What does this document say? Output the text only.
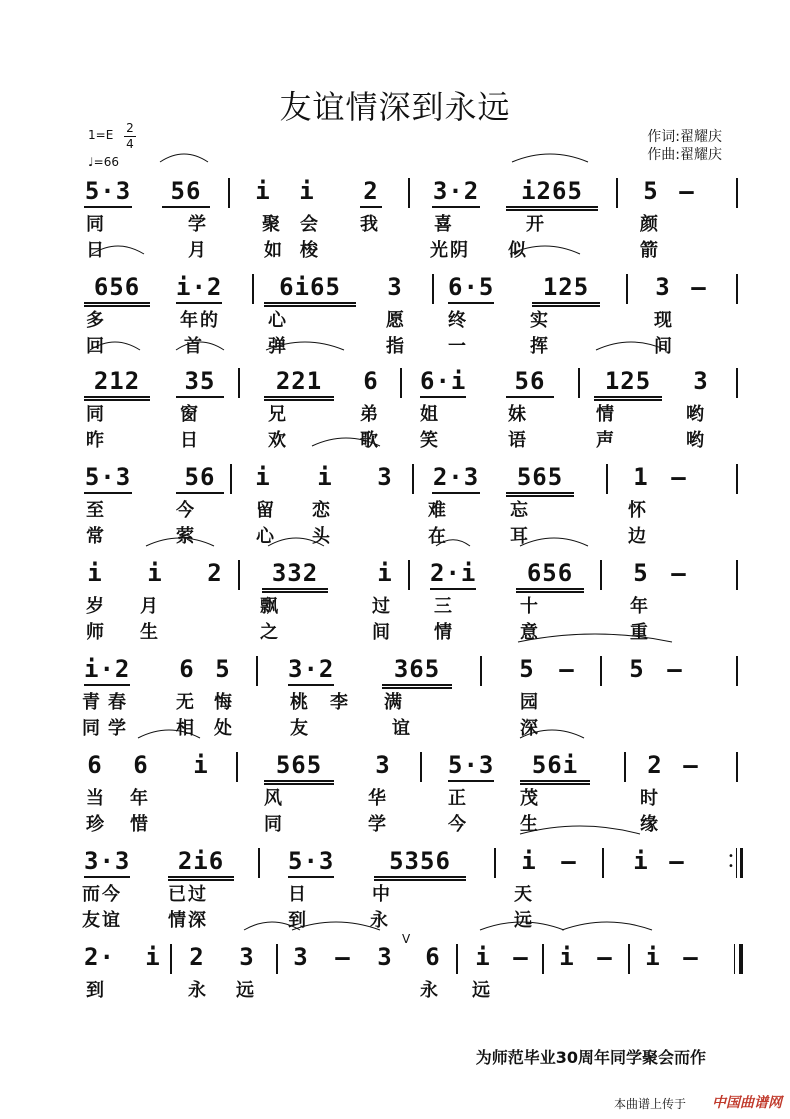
友谊情深到永远
1=E 2
4
♩=66
作词:翟耀庆
作曲:翟耀庆
5·3	56	i i 2 3·2	i265	5 –
同	学	聚 会 我	喜	开	颜
日	月	如 梭	光阴 似	箭
656	i·2	6i65	3 6·5	125	3 –
多	年的	心	愿 终	实	现
回	首	弹	指 一	挥	间
212	35	221	6 6·i	56	125	3
同	窗	兄	弟 姐	妹	情	哟
昨	日	欢	歌 笑	语	声	哟
5·3	56	i i 3 2·3	565	1 –
至	今	留 恋	难	忘	怀
常	萦	心 头	在	耳	边
i i 2	332	i 2·i	656	5 –
岁 月	飘	过 三	十	年
师 生	之	间 情	意	重
i·2 6 5 3·2	365	5 – 5 –
青 春	无 悔	桃 李 满	园
同 学	相 处	友	谊	深
6 6 i	565	3 5·3	56i	2 –
当 年	风	华	正	茂	时
珍 惜	同	学	今	生	缘
3·3	2i6	5·3	5356	i – i –
而今	已过	日	中	天
友谊	情深	到	永	远
2· i 2 3 3 – 3 6 i – i – i –
到	永 远	永 远
V
为师范毕业30周年同学聚会而作
本曲谱上传于 中国曲谱网
•
•
